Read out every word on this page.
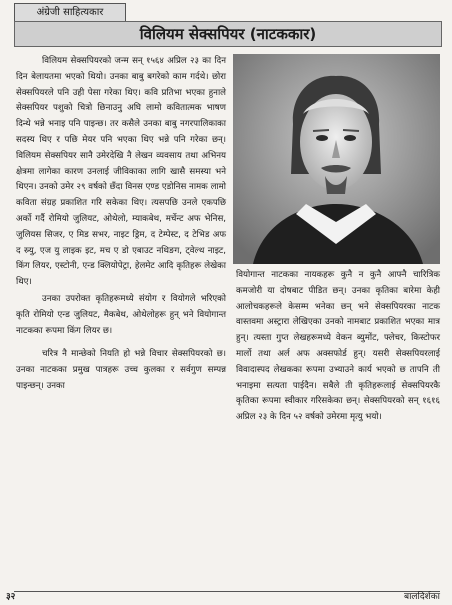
अंग्रेजी साहित्यकार
विलियम सेक्सपियर (नाटककार)

विलियम सेक्सपियरको जन्म सन् १५६४ अप्रिल २३ का दिन दिन बेलायतमा भएको थियो। उनका बाबु बगरेको काम गर्दथे। छोरा सेक्सपियरले पनि उही पेसा गरेका थिए। कवि प्रतिभा भएका हुनाले सेक्सपियर पशुको चित्रो छिनाउनु अघि लामो कवितात्मक भाषण दिन्थे भन्ने भनाइ पनि पाइन्छ। तर कसैले उनका बाबु नगरपालिकाका सदस्य थिए र पछि मेयर पनि भएका थिए भन्ने पनि गरेका छन्। विलियम सेक्सपियर सानै उमेरदेखि नै लेखन व्यवसाय तथा अभिनय क्षेत्रमा लागेका कारण उनलाई जीविकाका लागि खासै समस्या भने थिएन। उनको उमेर २९ वर्षको छँदा विनस एण्ड एडोनिस नामक लामो कविता संग्रह प्रकाशित गरि सकेका थिए। त्यसपछि उनले एकपछि अर्को गर्दै रोमियो जुलियट, ओथेलो, म्याकबेथ, मर्चेन्ट अफ भेनिस, जुलियस सिजर, ए मिड सभर, नाइट ड्रिम, द टेम्पेस्ट, द टेभिड अफ द स्र्यु, एज यु लाइक इट, मच ए डो एबाउट नथिङग, ट्वेल्थ नाइट, किंग लियर, एस्टोनी, एन्ड क्लियोपेट्रा, हेलमेट आदि कृतिहरू लेखेका थिए।

उनका उपरोक्त कृतिहरूमध्ये संयोग र वियोगले भरिएको कृति रोमियो एन्ड जुलियट, मैकबेथ, ओथेलोहरू हुन् भने वियोगान्त नाटकका रूपमा किंग लियर छ।

चरित्र नै मान्छेको नियति हो भन्ने विचार सेक्सपियरको छ। उनका नाटकका प्रमुख पात्रहरू उच्च कुलका र सर्वगुण सम्पन्न पाइन्छन्। उनका

वियोगान्त नाटकका नायकहरू कुनै न कुनै आफ्नै चारित्रिक कमजोरी या दोषबाट पीडित छन्। उनका कृतिका बारेमा केही आलोचकहरूले केसम्म भनेका छन् भने सेक्सपियरका नाटक वास्तवमा अस्ट्रारा लेखिएका उनको नामबाट प्रकाशित भएका मात्र हुन्। त्यस्ता गुप्त लेखहरूमध्ये वेकन ब्युमोंट, फ्लेचर, किस्टोफर मार्लो तथा अर्ल अफ अक्सफोर्ड हुन्। यसरी सेक्सपियरलाई विवादास्पद लेखकका रूपमा उभ्याउने कार्य भएको छ तापनि ती भनाइमा सत्यता पाईदैन। सबैले ती कृतिहरूलाई सेक्सपियरकै कृतिका रूपमा स्वीकार गरिसकेका छन्। सेक्सपियरको सन् १६१६ अप्रिल २३ के दिन ५२ वर्षको उमेरमा मृत्यु भयो।

३२	बालदिर्शका
